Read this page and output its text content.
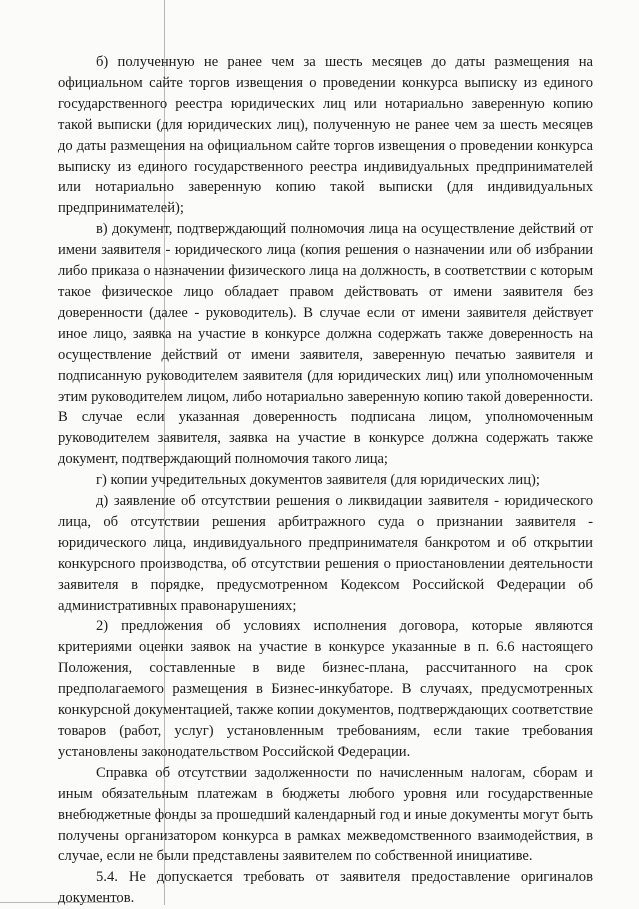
б) полученную не ранее чем за шесть месяцев до даты размещения на официальном сайте торгов извещения о проведении конкурса выписку из единого государственного реестра юридических лиц или нотариально заверенную копию такой выписки (для юридических лиц), полученную не ранее чем за шесть месяцев до даты размещения на официальном сайте торгов извещения о проведении конкурса выписку из единого государственного реестра индивидуальных предпринимателей или нотариально заверенную копию такой выписки (для индивидуальных предпринимателей);

в) документ, подтверждающий полномочия лица на осуществление действий от имени заявителя - юридического лица (копия решения о назначении или об избрании либо приказа о назначении физического лица на должность, в соответствии с которым такое физическое лицо обладает правом действовать от имени заявителя без доверенности (далее - руководитель). В случае если от имени заявителя действует иное лицо, заявка на участие в конкурсе должна содержать также доверенность на осуществление действий от имени заявителя, заверенную печатью заявителя и подписанную руководителем заявителя (для юридических лиц) или уполномоченным этим руководителем лицом, либо нотариально заверенную копию такой доверенности. В случае если указанная доверенность подписана лицом, уполномоченным руководителем заявителя, заявка на участие в конкурсе должна содержать также документ, подтверждающий полномочия такого лица;

г) копии учредительных документов заявителя (для юридических лиц);

д) заявление об отсутствии решения о ликвидации заявителя - юридического лица, об отсутствии решения арбитражного суда о признании заявителя - юридического лица, индивидуального предпринимателя банкротом и об открытии конкурсного производства, об отсутствии решения о приостановлении деятельности заявителя в порядке, предусмотренном Кодексом Российской Федерации об административных правонарушениях;

2) предложения об условиях исполнения договора, которые являются критериями оценки заявок на участие в конкурсе указанные в п. 6.6 настоящего Положения, составленные в виде бизнес-плана, рассчитанного на срок предполагаемого размещения в Бизнес-инкубаторе. В случаях, предусмотренных конкурсной документацией, также копии документов, подтверждающих соответствие товаров (работ, услуг) установленным требованиям, если такие требования установлены законодательством Российской Федерации.

Справка об отсутствии задолженности по начисленным налогам, сборам и иным обязательным платежам в бюджеты любого уровня или государственные внебюджетные фонды за прошедший календарный год и иные документы могут быть получены организатором конкурса в рамках межведомственного взаимодействия, в случае, если не были представлены заявителем по собственной инициативе.

5.4. Не допускается требовать от заявителя предоставление оригиналов документов.
